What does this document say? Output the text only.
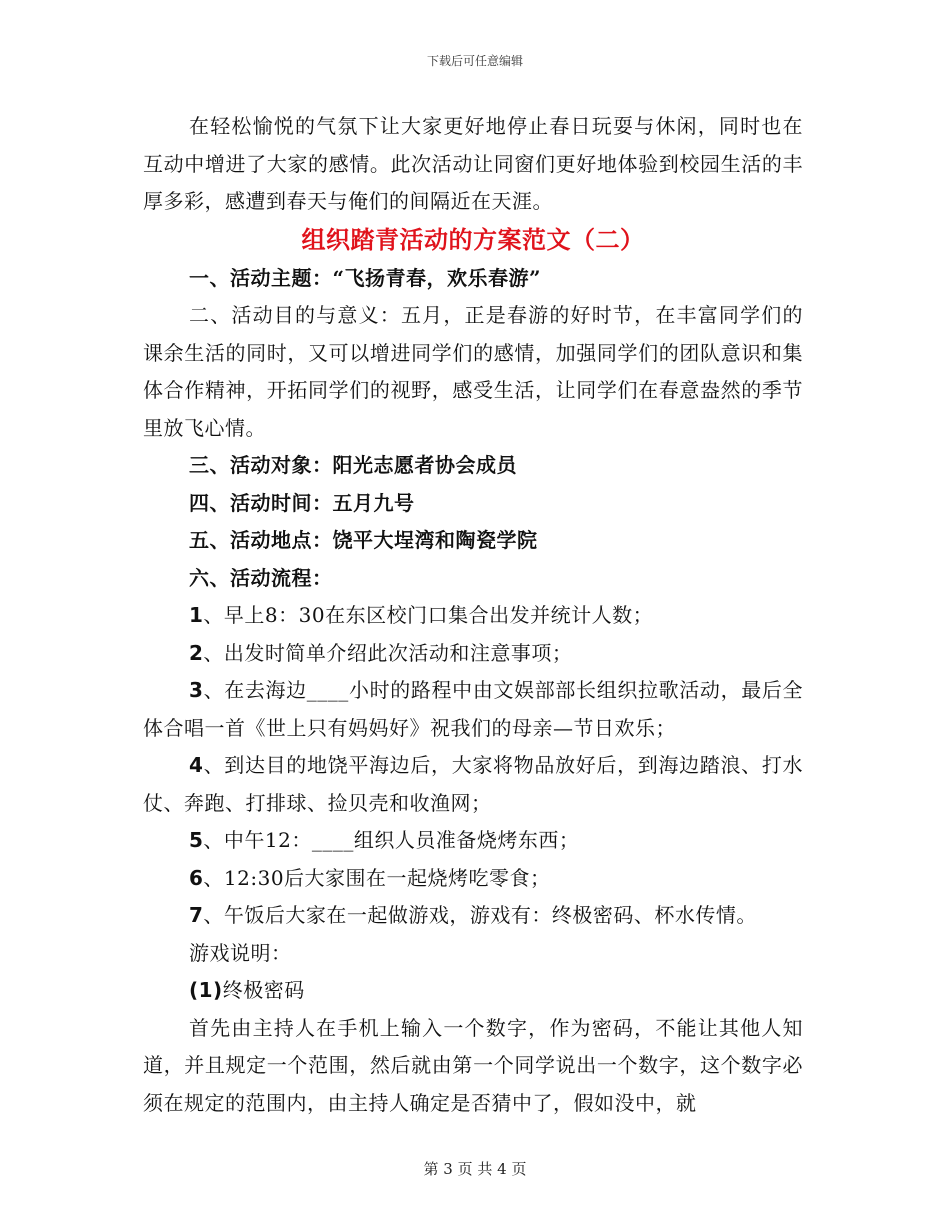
下载后可任意编辑

在轻松愉悦的气氛下让大家更好地停止春日玩耍与休闲，同时也在互动中增进了大家的感情。此次活动让同窗们更好地体验到校园生活的丰厚多彩，感遭到春天与俺们的间隔近在天涯。

组织踏青活动的方案范文（二）

一、活动主题：“飞扬青春，欢乐春游”

二、活动目的与意义：五月，正是春游的好时节，在丰富同学们的课余生活的同时，又可以增进同学们的感情，加强同学们的团队意识和集体合作精神，开拓同学们的视野，感受生活，让同学们在春意盎然的季节里放飞心情。

三、活动对象：阳光志愿者协会成员

四、活动时间：五月九号

五、活动地点：饶平大埕湾和陶瓷学院

六、活动流程：

1、早上8：30在东区校门口集合出发并统计人数；

2、出发时简单介绍此次活动和注意事项；

3、在去海边____小时的路程中由文娱部部长组织拉歌活动，最后全体合唱一首《世上只有妈妈好》祝我们的母亲—节日欢乐；

4、到达目的地饶平海边后，大家将物品放好后，到海边踏浪、打水仗、奔跑、打排球、捡贝壳和收渔网；

5、中午12：____组织人员准备烧烤东西；

6、12:30后大家围在一起烧烤吃零食；

7、午饭后大家在一起做游戏，游戏有：终极密码、杯水传情。

游戏说明：

(1)终极密码

首先由主持人在手机上输入一个数字，作为密码，不能让其他人知道，并且规定一个范围，然后就由第一个同学说出一个数字，这个数字必须在规定的范围内，由主持人确定是否猜中了，假如没中，就

第 3 页 共 4 页
